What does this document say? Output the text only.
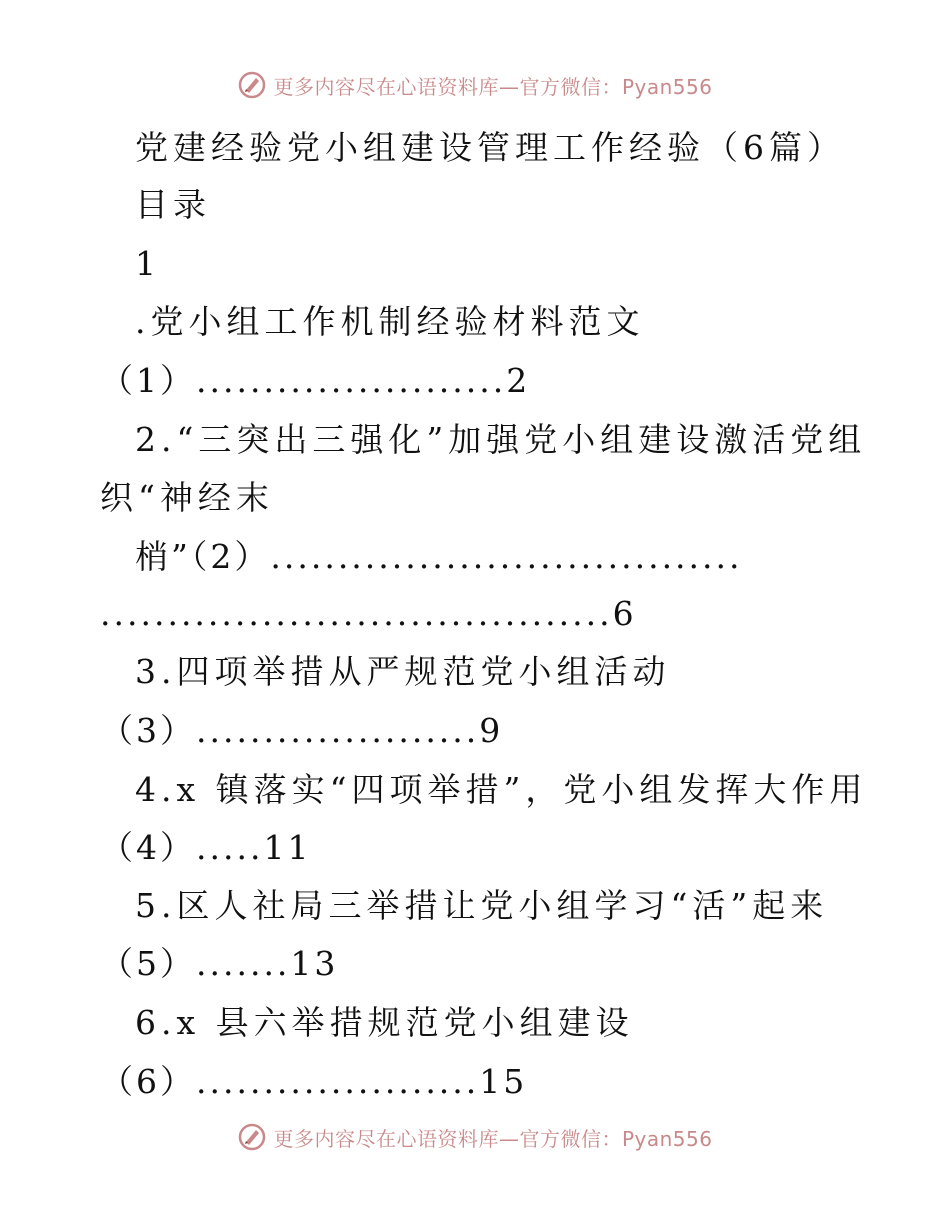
更多内容尽在心语资料库—官方微信：Pyan556
党建经验党小组建设管理工作经验（6篇）
目录
1
.党小组工作机制经验材料范文
（1）.......................2
2.“三突出三强化”加强党小组建设激活党组
织“神经末
梢”（2）...................................
......................................6
3.四项举措从严规范党小组活动
（3）.....................9
4.x 镇落实“四项举措”，党小组发挥大作用
（4）.....11
5.区人社局三举措让党小组学习“活”起来
（5）.......13
6.x 县六举措规范党小组建设
（6）.....................15
更多内容尽在心语资料库—官方微信：Pyan556
